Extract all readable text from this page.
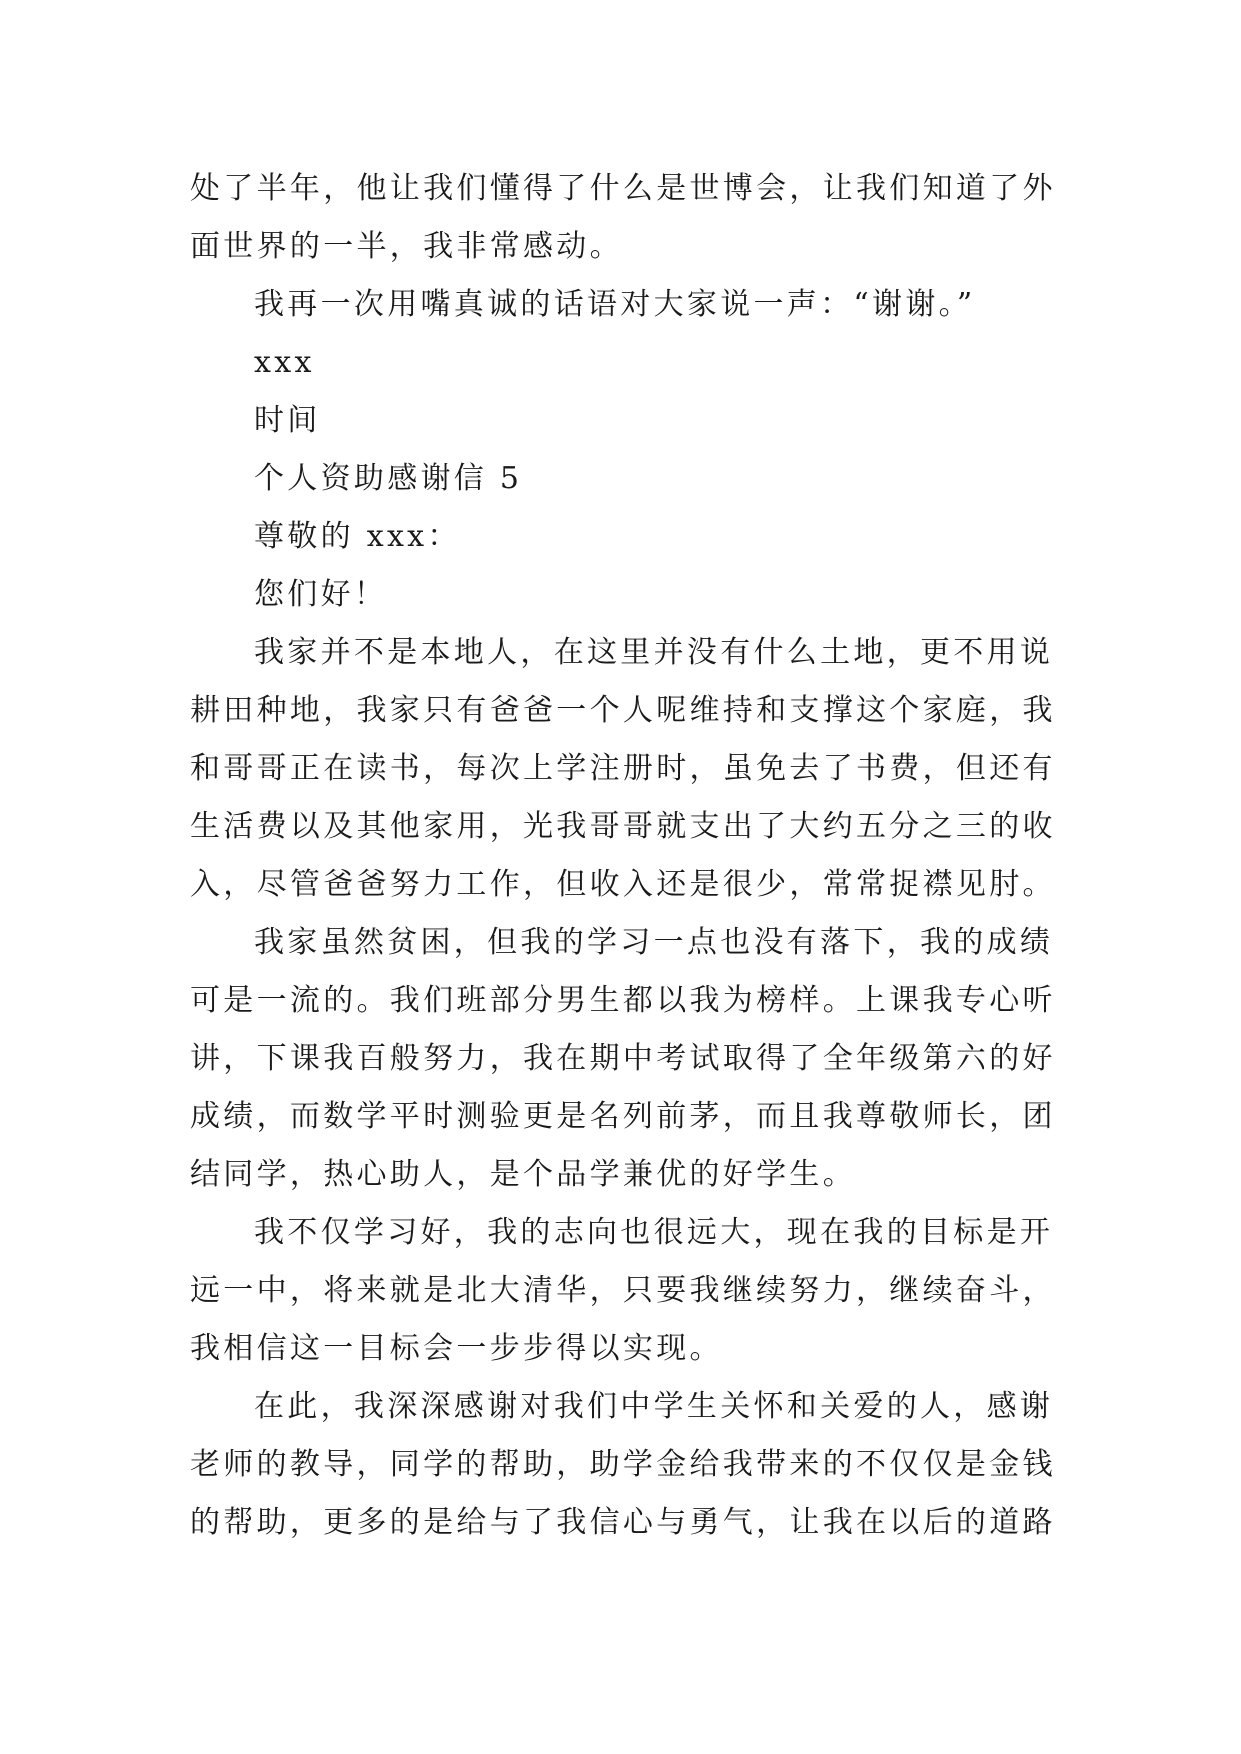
处了半年，他让我们懂得了什么是世博会，让我们知道了外
面世界的一半，我非常感动。
我再一次用嘴真诚的话语对大家说一声：“谢谢。”
xxx
时间
个人资助感谢信 5
尊敬的 xxx：
您们好！
我家并不是本地人，在这里并没有什么土地，更不用说
耕田种地，我家只有爸爸一个人呢维持和支撑这个家庭，我
和哥哥正在读书，每次上学注册时，虽免去了书费，但还有
生活费以及其他家用，光我哥哥就支出了大约五分之三的收
入，尽管爸爸努力工作，但收入还是很少，常常捉襟见肘。
我家虽然贫困，但我的学习一点也没有落下，我的成绩
可是一流的。我们班部分男生都以我为榜样。上课我专心听
讲，下课我百般努力，我在期中考试取得了全年级第六的好
成绩，而数学平时测验更是名列前茅，而且我尊敬师长，团
结同学，热心助人，是个品学兼优的好学生。
我不仅学习好，我的志向也很远大，现在我的目标是开
远一中，将来就是北大清华，只要我继续努力，继续奋斗，
我相信这一目标会一步步得以实现。
在此，我深深感谢对我们中学生关怀和关爱的人，感谢
老师的教导，同学的帮助，助学金给我带来的不仅仅是金钱
的帮助，更多的是给与了我信心与勇气，让我在以后的道路
